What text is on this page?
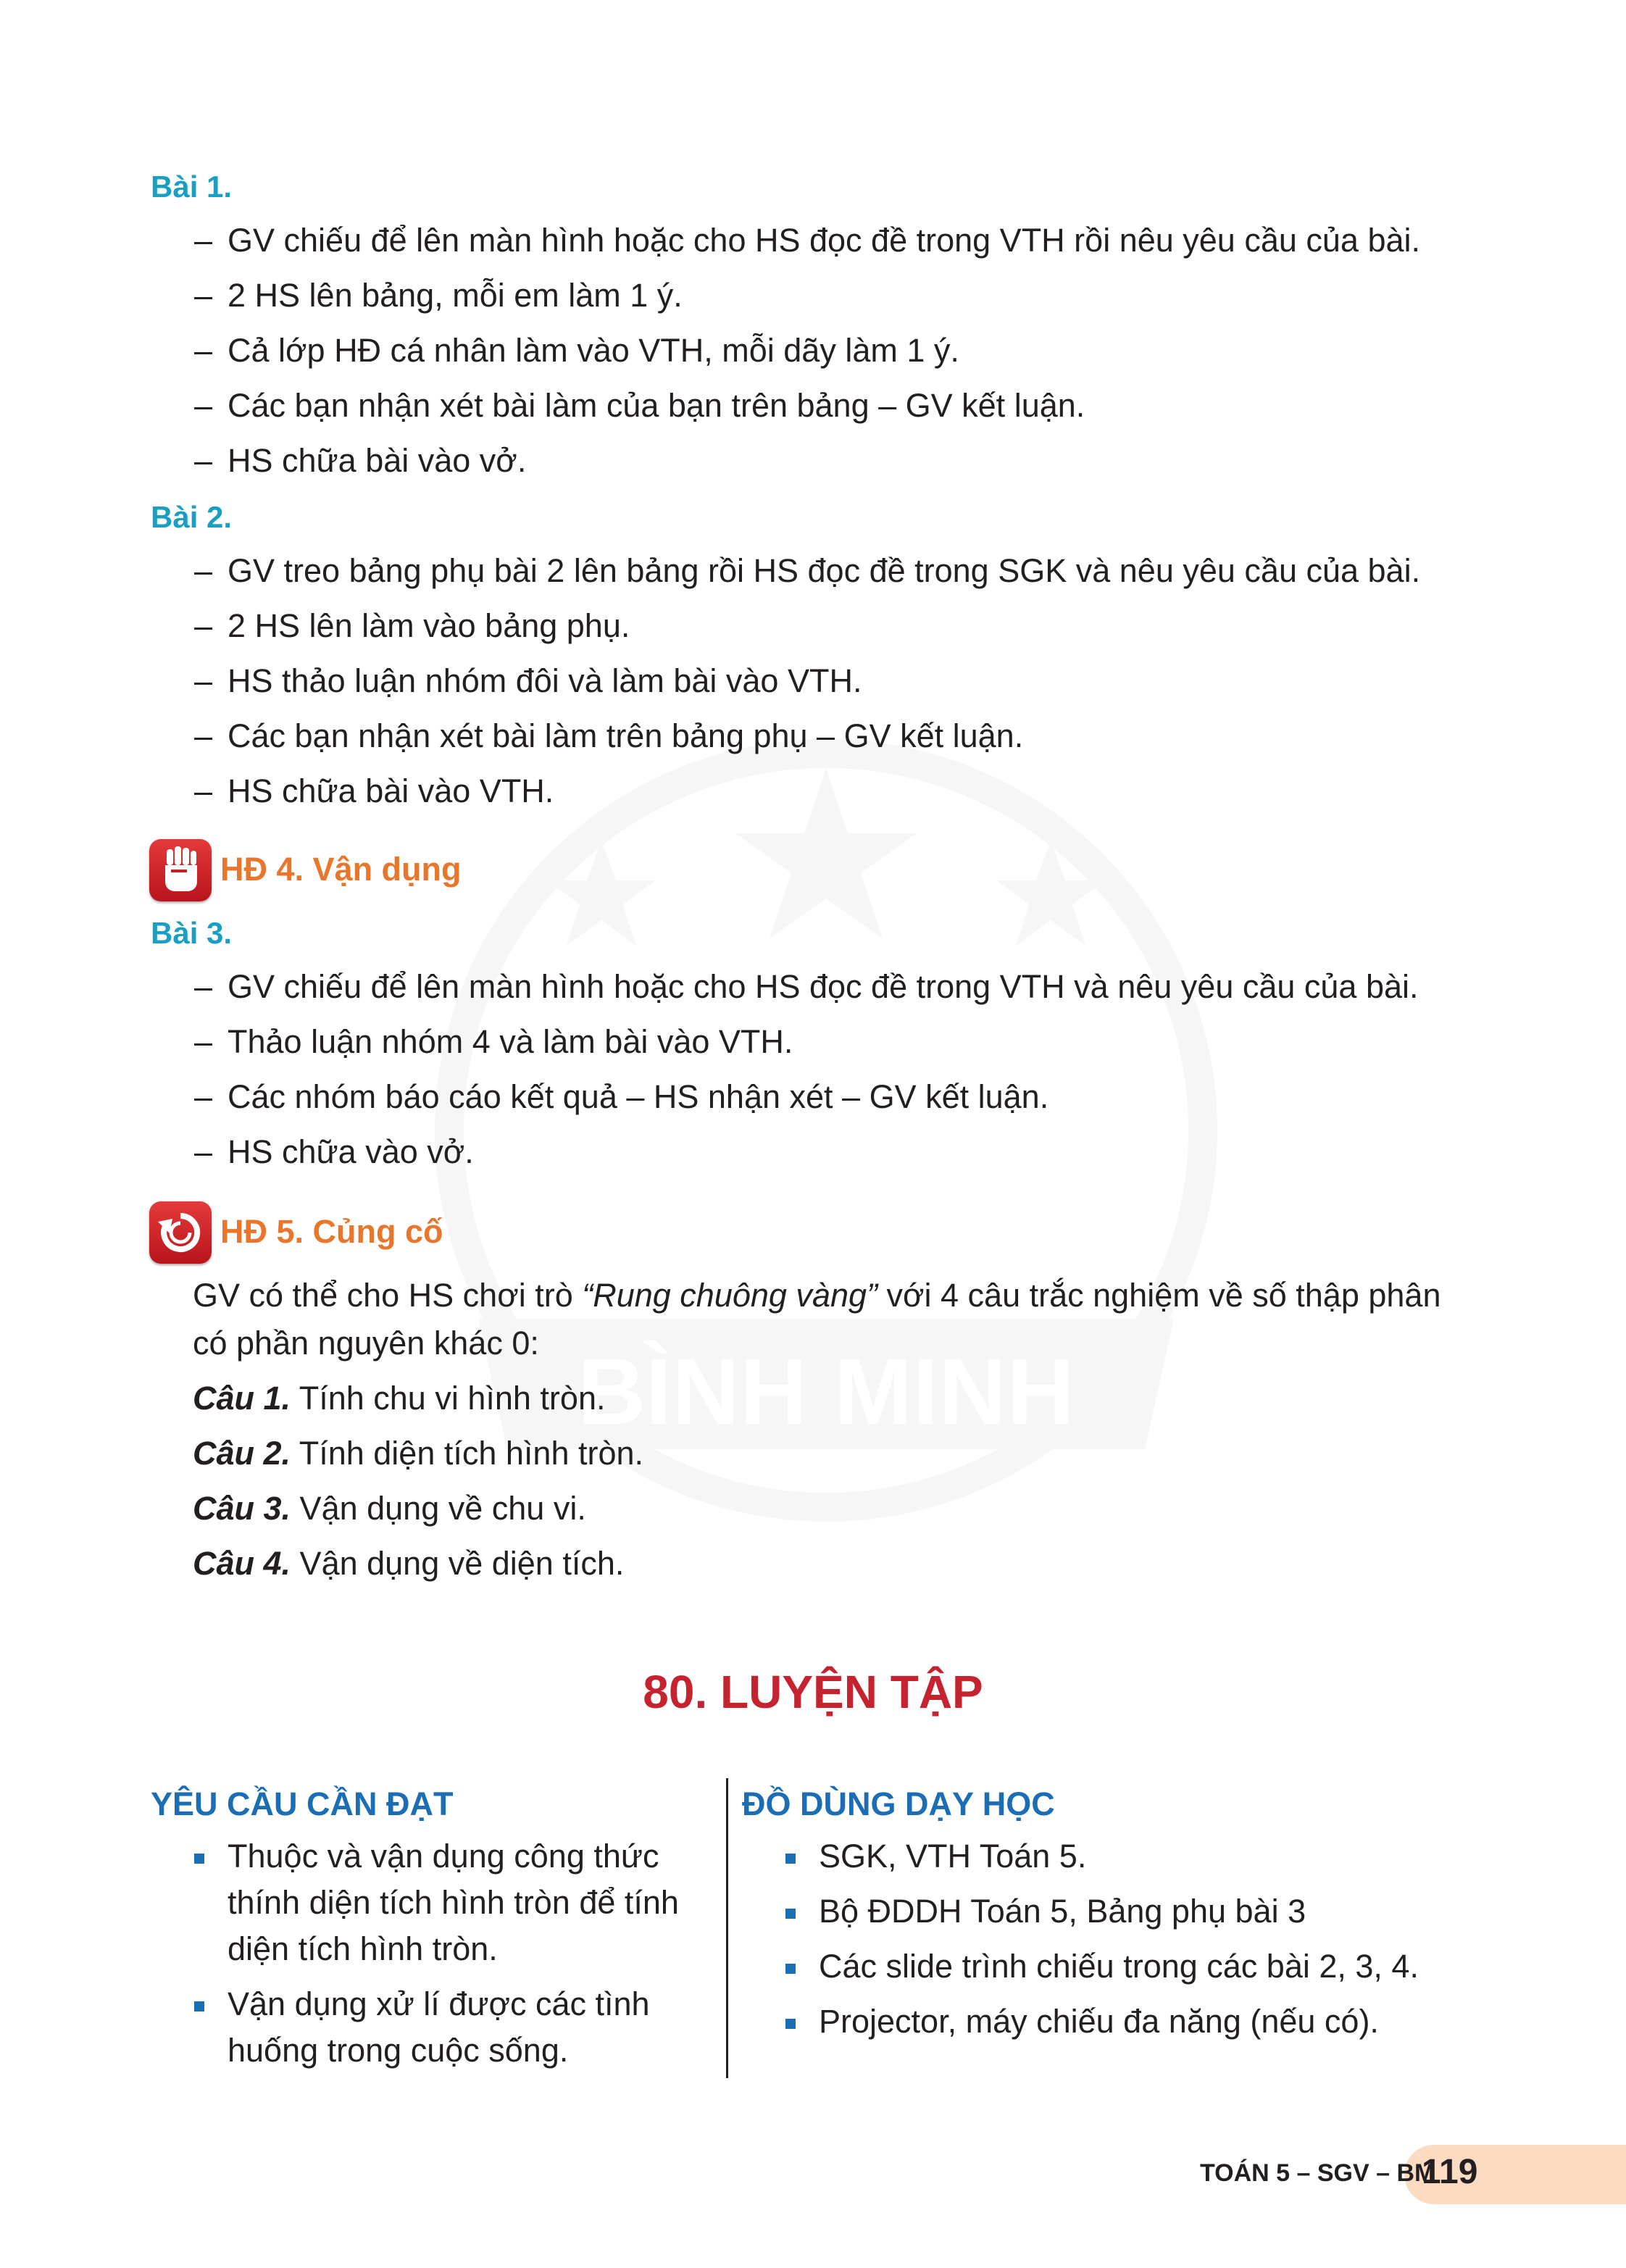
BÌNH MINH
Bài 1.
– GV chiếu để lên màn hình hoặc cho HS đọc đề trong VTH rồi nêu yêu cầu của bài.
– 2 HS lên bảng, mỗi em làm 1 ý.
– Cả lớp HĐ cá nhân làm vào VTH, mỗi dãy làm 1 ý.
– Các bạn nhận xét bài làm của bạn trên bảng – GV kết luận.
– HS chữa bài vào vở.
Bài 2.
– GV treo bảng phụ bài 2 lên bảng rồi HS đọc đề trong SGK và nêu yêu cầu của bài.
– 2 HS lên làm vào bảng phụ.
– HS thảo luận nhóm đôi và làm bài vào VTH.
– Các bạn nhận xét bài làm trên bảng phụ – GV kết luận.
– HS chữa bài vào VTH.
HĐ 4. Vận dụng
Bài 3.
– GV chiếu để lên màn hình hoặc cho HS đọc đề trong VTH và nêu yêu cầu của bài.
– Thảo luận nhóm 4 và làm bài vào VTH.
– Các nhóm báo cáo kết quả – HS nhận xét – GV kết luận.
– HS chữa vào vở.
HĐ 5. Củng cố
GV có thể cho HS chơi trò “Rung chuông vàng” với 4 câu trắc nghiệm về số thập phân
có phần nguyên khác 0:
Câu 1. Tính chu vi hình tròn.
Câu 2. Tính diện tích hình tròn.
Câu 3. Vận dụng về chu vi.
Câu 4. Vận dụng về diện tích.
80. LUYỆN TẬP
YÊU CẦU CẦN ĐẠT
Thuộc và vận dụng công thức
thính diện tích hình tròn để tính
diện tích hình tròn.
Vận dụng xử lí được các tình
huống trong cuộc sống.
ĐỒ DÙNG DẠY HỌC
SGK, VTH Toán 5.
Bộ ĐDDH Toán 5, Bảng phụ bài 3
Các slide trình chiếu trong các bài 2, 3, 4.
Projector, máy chiếu đa năng (nếu có).
TOÁN 5 – SGV – BM
119
